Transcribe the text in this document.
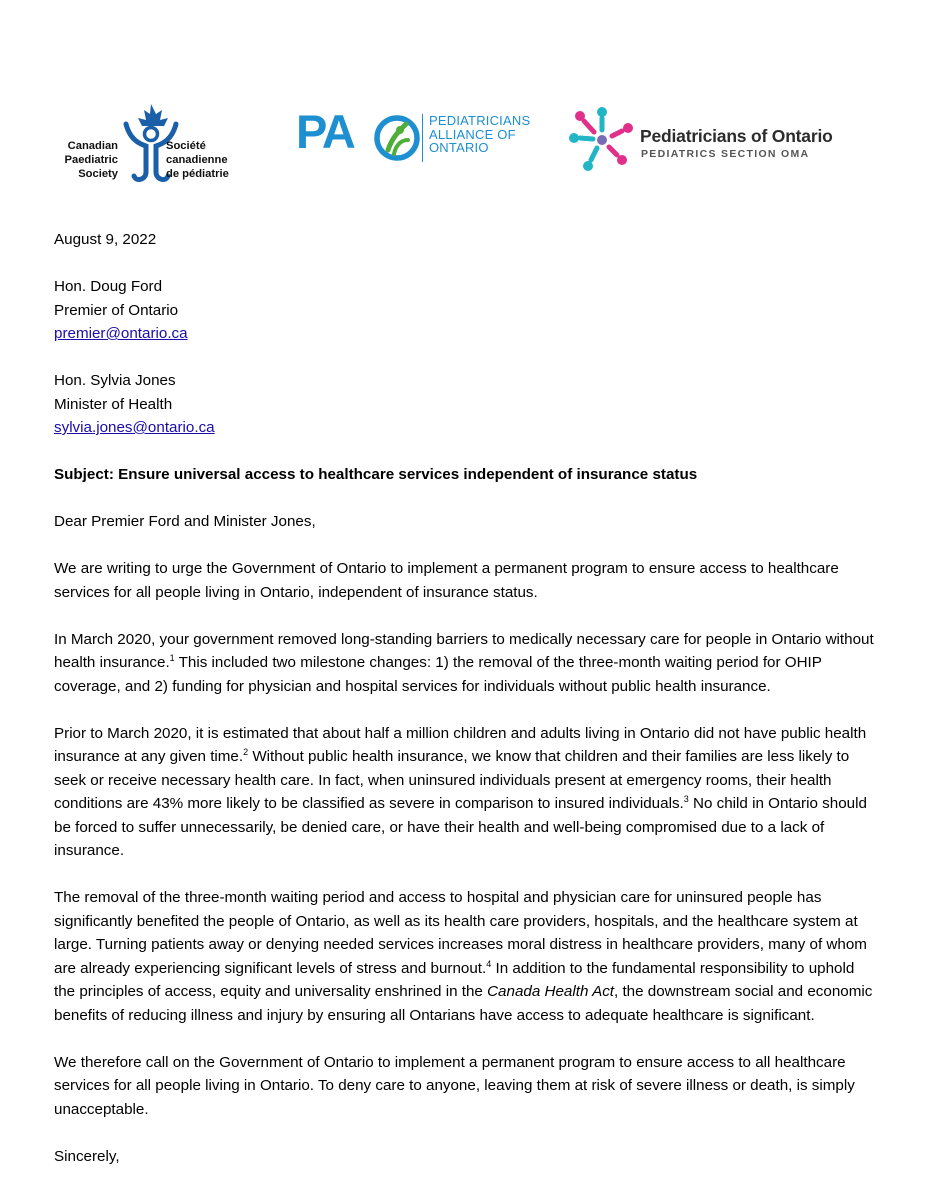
Canadian
Paediatric
Society
Société
canadienne
de pédiatrie
PA	PEDIATRICIANS
ALLIANCE OF
ONTARIO
Pediatricians of Ontario
PEDIATRICS SECTION OMA

August 9, 2022

Hon. Doug Ford

Premier of Ontario

premier@ontario.ca

Hon. Sylvia Jones

Minister of Health

sylvia.jones@ontario.ca

Subject: Ensure universal access to healthcare services independent of insurance status

Dear Premier Ford and Minister Jones,

We are writing to urge the Government of Ontario to implement a permanent program to ensure access to healthcare services for all people living in Ontario, independent of insurance status.

In March 2020, your government removed long-standing barriers to medically necessary care for people in Ontario without health insurance.$^1$ This included two milestone changes: 1) the removal of the three-month waiting period for OHIP coverage, and 2) funding for physician and hospital services for individuals without public health insurance.

Prior to March 2020, it is estimated that about half a million children and adults living in Ontario did not have public health insurance at any given time.$^2$ Without public health insurance, we know that children and their families are less likely to seek or receive necessary health care. In fact, when uninsured individuals present at emergency rooms, their health conditions are 43% more likely to be classified as severe in comparison to insured individuals.$^3$ No child in Ontario should be forced to suffer unnecessarily, be denied care, or have their health and well-being compromised due to a lack of insurance.

The removal of the three-month waiting period and access to hospital and physician care for uninsured people has significantly benefited the people of Ontario, as well as its health care providers, hospitals, and the healthcare system at large. Turning patients away or denying needed services increases moral distress in healthcare providers, many of whom are already experiencing significant levels of stress and burnout.$^4$ In addition to the fundamental responsibility to uphold the principles of access, equity and universality enshrined in the Canada Health Act, the downstream social and economic benefits of reducing illness and injury by ensuring all Ontarians have access to adequate healthcare is significant.

We therefore call on the Government of Ontario to implement a permanent program to ensure access to all healthcare services for all people living in Ontario. To deny care to anyone, leaving them at risk of severe illness or death, is simply unacceptable.

Sincerely,
